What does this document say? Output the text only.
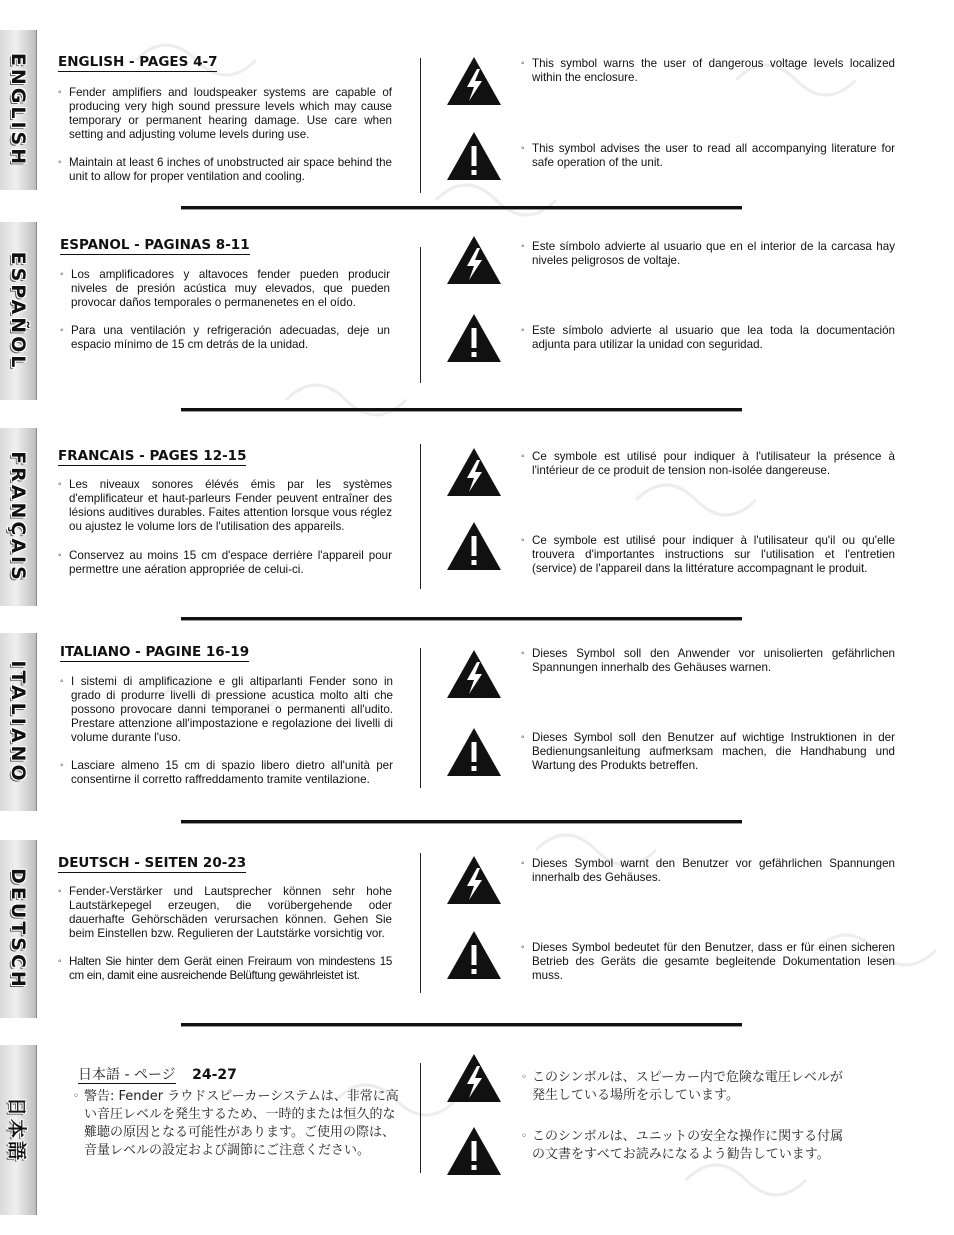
ENGLISH ENGLISH - PAGES 4-7
◦ Fender amplifiers and loudspeaker systems are capable of producing very high sound pressure levels which may cause temporary or permanent hearing damage. Use care when setting and adjusting volume levels during use.
◦ Maintain at least 6 inches of unobstructed air space behind the unit to allow for proper ventilation and cooling.
◦ This symbol warns the user of dangerous voltage levels localized within the enclosure.
◦ This symbol advises the user to read all accompanying literature for safe operation of the unit.
ESPAÑOL
ESPANOL - PAGINAS 8-11
◦ Los amplificadores y altavoces fender pueden producir niveles de presión acústica muy elevados, que pueden provocar daños temporales o permanenetes en el oído.
◦ Para una ventilación y refrigeración adecuadas, deje un espacio mínimo de 15 cm detrás de la unidad.
◦ Este símbolo advierte al usuario que en el interior de la carcasa hay niveles peligrosos de voltaje.
◦ Este símbolo advierte al usuario que lea toda la documentación adjunta para utilizar la unidad con seguridad.
FRANÇAIS FRANCAIS - PAGES 12-15
◦ Les niveaux sonores élévés émis par les systèmes d'emplificateur et haut-parleurs Fender peuvent entraîner des lésions auditives durables. Faites attention lorsque vous réglez ou ajustez le volume lors de l'utilisation des appareils.
◦ Conservez au moins 15 cm d'espace derrière l'appareil pour permettre une aération appropriée de celui-ci.
◦ Ce symbole est utilisé pour indiquer à l'utilisateur la présence à l'intérieur de ce produit de tension non-isolée dangereuse.
◦ Ce symbole est utilisé pour indiquer à l'utilisateur qu'il ou qu'elle trouvera d'importantes instructions sur l'utilisation et l'entretien (service) de l'appareil dans la littérature accompagnant le produit.
ITALIANO
ITALIANO - PAGINE 16-19
◦ I sistemi di amplificazione e gli altiparlanti Fender sono in grado di produrre livelli di pressione acustica molto alti che possono provocare danni temporanei o permanenti all'udito. Prestare attenzione all'impostazione e regolazione dei livelli di volume durante l'uso.
◦ Lasciare almeno 15 cm di spazio libero dietro all'unità per consentirne il corretto raffreddamento tramite ventilazione.
◦ Dieses Symbol soll den Anwender vor unisolierten gefährlichen Spannungen innerhalb des Gehäuses warnen.
◦ Dieses Symbol soll den Benutzer auf wichtige Instruktionen in der Bedienungsanleitung aufmerksam machen, die Handhabung und Wartung des Produkts betreffen.
DEUTSCH
DEUTSCH - SEITEN 20-23
◦ Fender-Verstärker und Lautsprecher können sehr hohe Lautstärkepegel erzeugen, die vorübergehende oder dauerhafte Gehörschäden verursachen können. Gehen Sie beim Einstellen bzw. Regulieren der Lautstärke vorsichtig vor.
◦ Halten Sie hinter dem Gerät einen Freiraum von mindestens 15 cm ein, damit eine ausreichende Belüftung gewährleistet ist.
◦ Dieses Symbol warnt den Benutzer vor gefährlichen Spannungen innerhalb des Gehäuses.
◦ Dieses Symbol bedeutet für den Benutzer, dass er für einen sicheren Betrieb des Geräts die gesamte begleitende Dokumentation lesen muss.
日本語
日本語 - ページ 24-27
◦ 警告: Fender ラウドスピーカーシステムは、非常に高い音圧レベルを発生するため、一時的または恒久的な難聴の原因となる可能性があります。ご使用の際は、音量レベルの設定および調節にご注意ください。
◦ このシンボルは、スピーカー内で危険な電圧レベルが発生している場所を示しています。
◦ このシンボルは、ユニットの安全な操作に関する付属の文書をすべてお読みになるよう勧告しています。
